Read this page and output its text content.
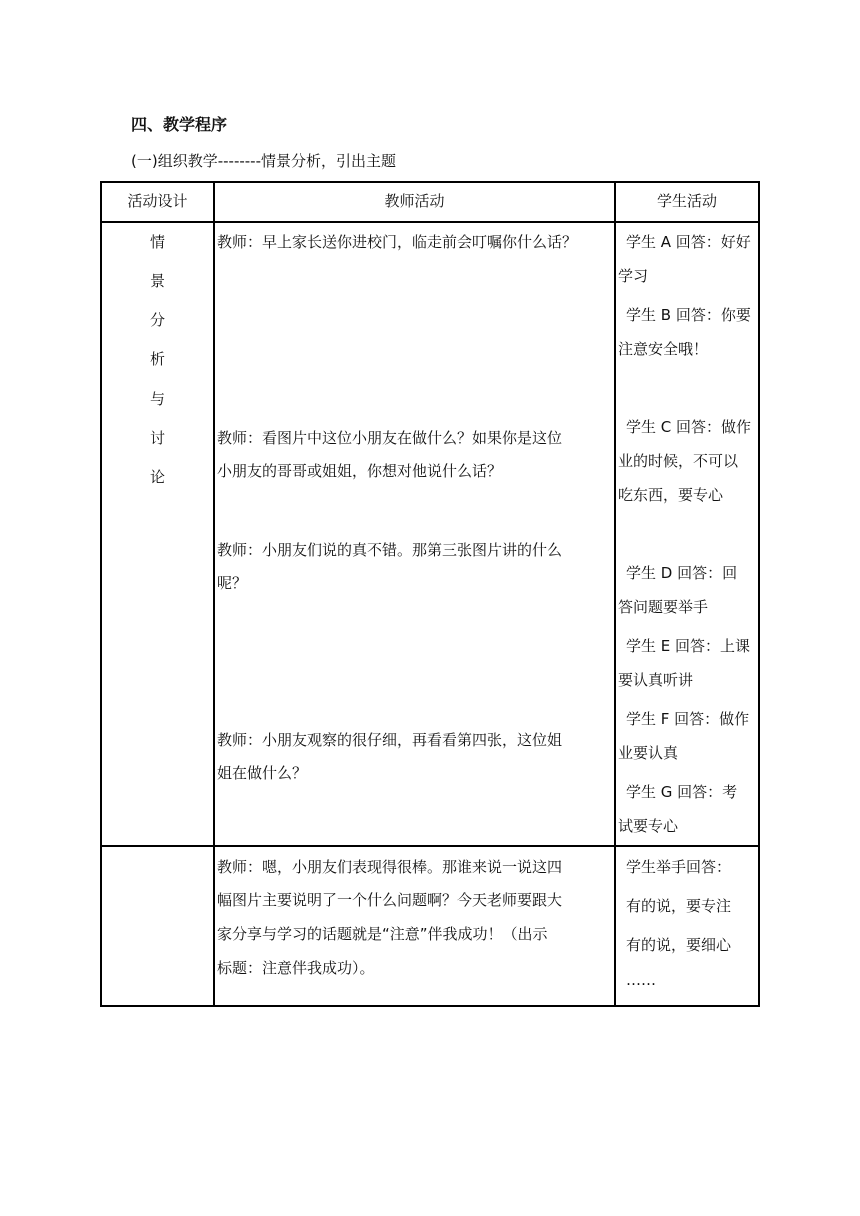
四、教学程序
(一)组织教学--------情景分析，引出主题
活动设计	教师活动	学生活动
情
景
分
析
与
讨
论
教师：早上家长送你进校门，临走前会叮嘱你什么话？
教师：看图片中这位小朋友在做什么？如果你是这位
小朋友的哥哥或姐姐，你想对他说什么话？
教师：小朋友们说的真不错。那第三张图片讲的什么
呢？
教师：小朋友观察的很仔细，再看看第四张，这位姐
姐在做什么？
学生 A 回答：好好
学习
学生 B 回答：你要
注意安全哦！
学生 C 回答：做作
业的时候，不可以
吃东西，要专心
学生 D 回答：回
答问题要举手
学生 E 回答：上课
要认真听讲
学生 F 回答：做作
业要认真
学生 G 回答：考
试要专心
教师：嗯，小朋友们表现得很棒。那谁来说一说这四
幅图片主要说明了一个什么问题啊？今天老师要跟大
家分享与学习的话题就是“注意”伴我成功！（出示
标题：注意伴我成功）。
学生举手回答：
有的说，要专注
有的说，要细心
……
